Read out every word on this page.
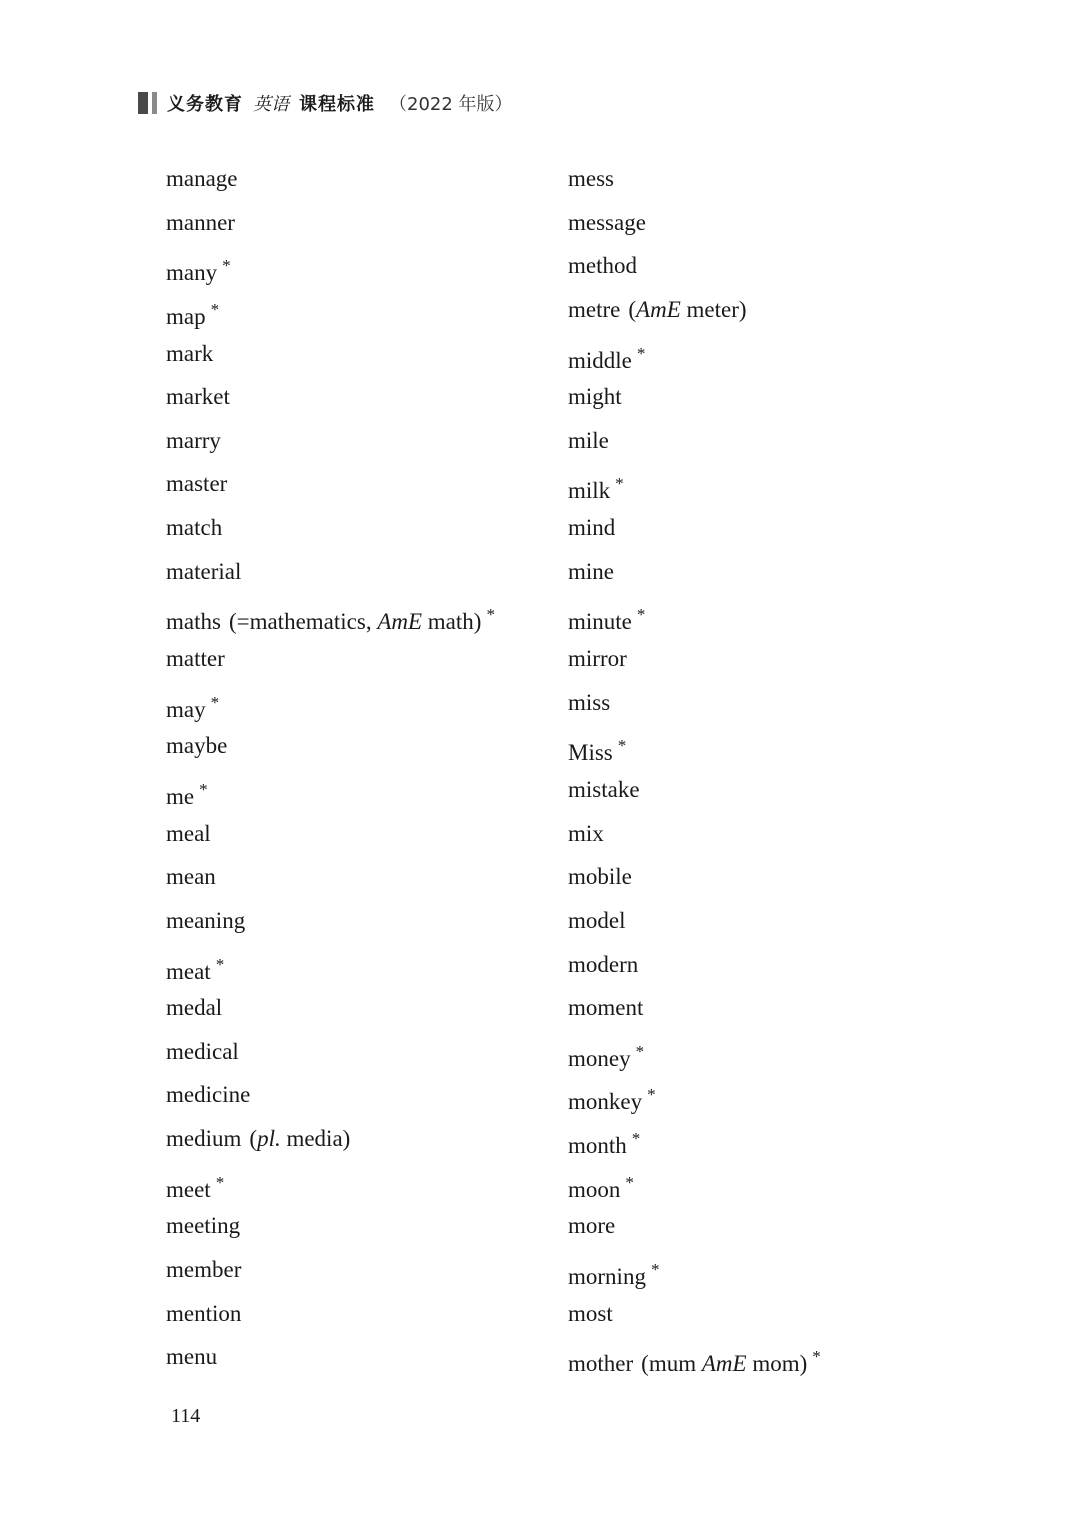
义务教育 英语 课程标准 （2022 年版）
manage
manner
many *
map *
mark
market
marry
master
match
material
maths (=mathematics, AmE math) *
matter
may *
maybe
me *
meal
mean
meaning
meat *
medal
medical
medicine
medium (pl. media)
meet *
meeting
member
mention
menu
mess
message
method
metre (AmE meter)
middle *
might
mile
milk *
mind
mine
minute *
mirror
miss
Miss *
mistake
mix
mobile
model
modern
moment
money *
monkey *
month *
moon *
more
morning *
most
mother (mum AmE mom) *
114
